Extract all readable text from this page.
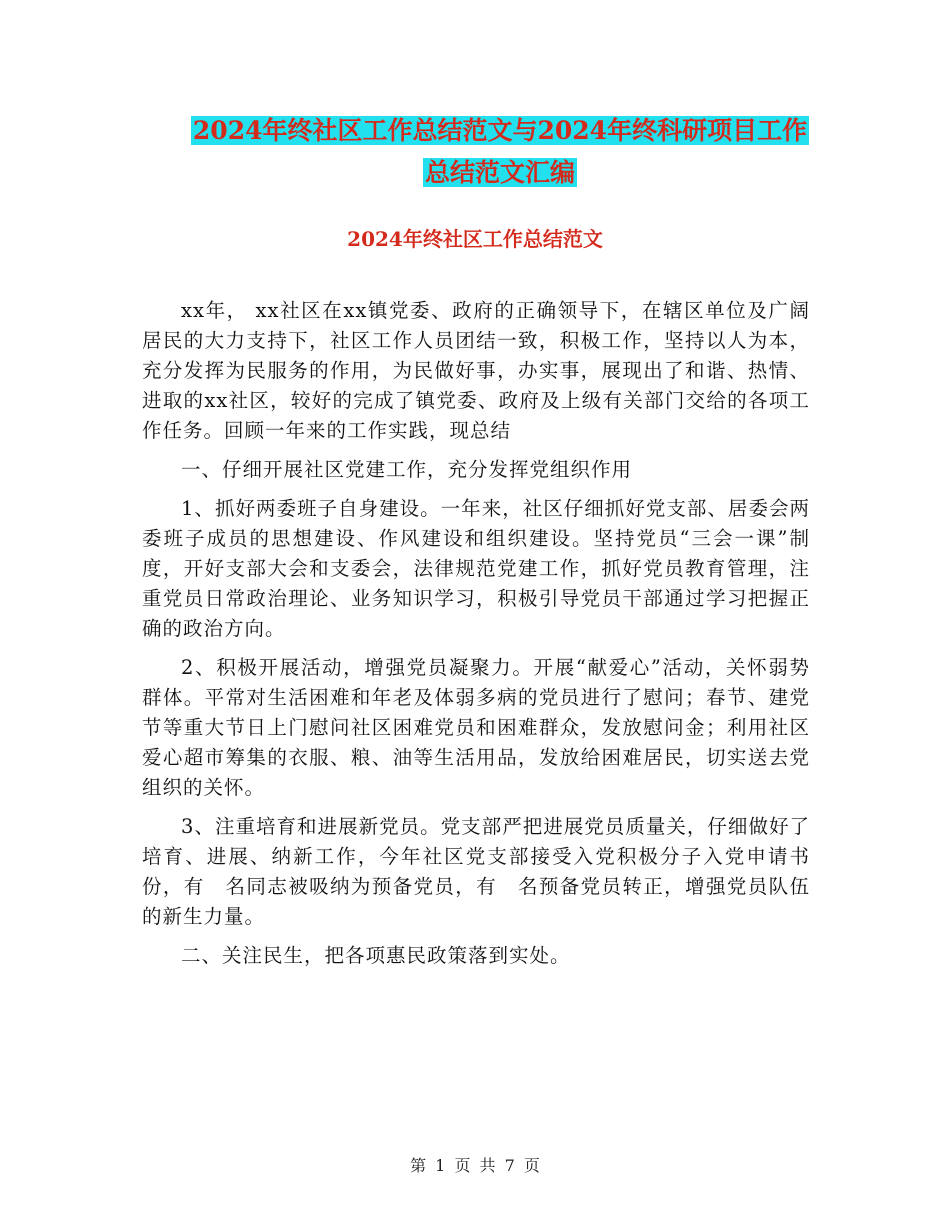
2024年终社区工作总结范文与2024年终科研项目工作
总结范文汇编
2024年终社区工作总结范文

xx年， xx社区在xx镇党委、政府的正确领导下，在辖区单位及广阔居民的大力支持下，社区工作人员团结一致，积极工作，坚持以人为本，充分发挥为民服务的作用，为民做好事，办实事，展现出了和谐、热情、进取的xx社区，较好的完成了镇党委、政府及上级有关部门交给的各项工作任务。回顾一年来的工作实践，现总结

一、仔细开展社区党建工作，充分发挥党组织作用

1、抓好两委班子自身建设。一年来，社区仔细抓好党支部、居委会两委班子成员的思想建设、作风建设和组织建设。坚持党员“三会一课”制度，开好支部大会和支委会，法律规范党建工作，抓好党员教育管理，注重党员日常政治理论、业务知识学习，积极引导党员干部通过学习把握正确的政治方向。

2、积极开展活动，增强党员凝聚力。开展“献爱心”活动，关怀弱势群体。平常对生活困难和年老及体弱多病的党员进行了慰问；春节、建党节等重大节日上门慰问社区困难党员和困难群众，发放慰问金；利用社区爱心超市筹集的衣服、粮、油等生活用品，发放给困难居民，切实送去党组织的关怀。

3、注重培育和进展新党员。党支部严把进展党员质量关，仔细做好了培育、进展、纳新工作，今年社区党支部接受入党积极分子入党申请书　份，有　名同志被吸纳为预备党员，有　名预备党员转正，增强党员队伍的新生力量。

二、关注民生，把各项惠民政策落到实处。

第 1 页 共 7 页
